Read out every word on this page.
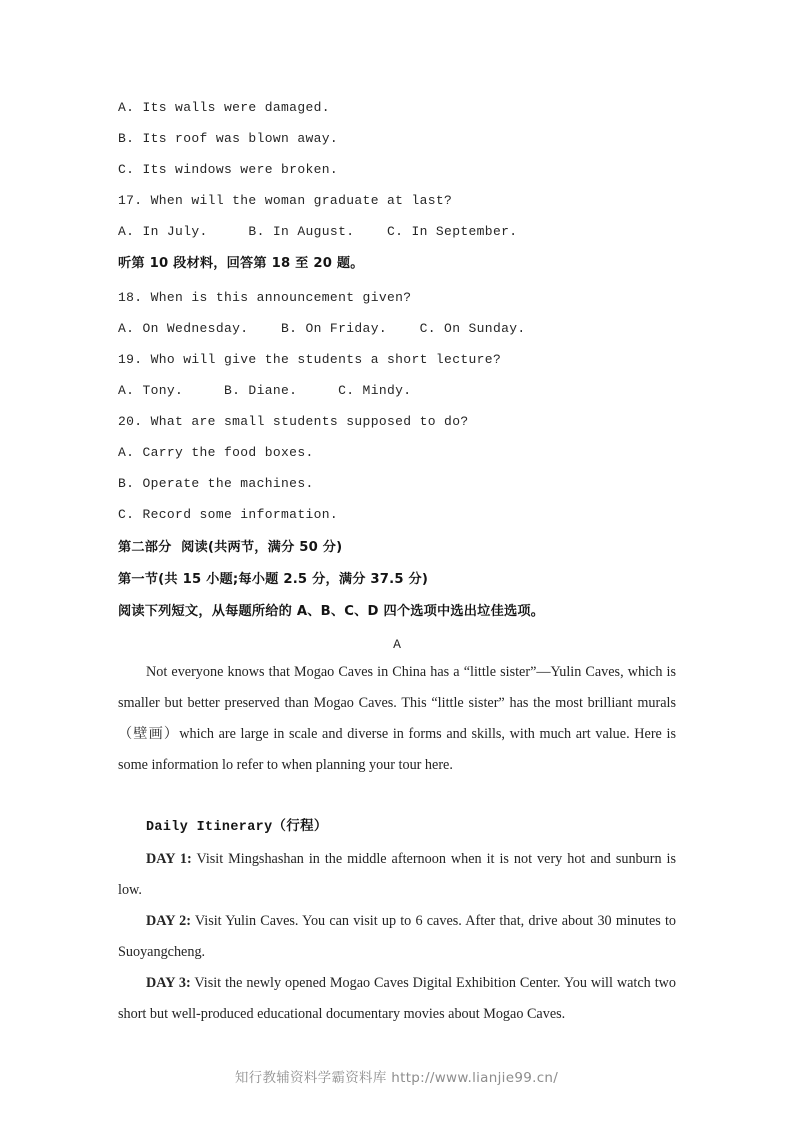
A. Its walls were damaged.
B. Its roof was blown away.
C. Its windows were broken.
17. When will the woman graduate at last?
A. In July.     B. In August.    C. In September.
听第 10 段材料，回答第 18 至 20 题。
18. When is this announcement given?
A. On Wednesday.    B. On Friday.    C. On Sunday.
19. Who will give the students a short lecture?
A. Tony.     B. Diane.     C. Mindy.
20. What are small students supposed to do?
A. Carry the food boxes.
B. Operate the machines.
C. Record some information.
第二部分  阅读(共两节，满分 50 分)
第一节(共 15 小题;每小题 2.5 分，满分 37.5 分)
阅读下列短文，从每题所给的 A、B、C、D 四个选项中选出垃佳选项。
A

Not everyone knows that Mogao Caves in China has a “little sister”—Yulin Caves, which is smaller but better preserved than Mogao Caves. This “little sister” has the most brilliant murals（壁画）which are large in scale and diverse in forms and skills, with much art value. Here is some information lo refer to when planning your tour here.

Daily Itinerary（行程）

DAY 1: Visit Mingshashan in the middle afternoon when it is not very hot and sunburn is low.

DAY 2: Visit Yulin Caves. You can visit up to 6 caves. After that, drive about 30 minutes to Suoyangcheng.

DAY 3: Visit the newly opened Mogao Caves Digital Exhibition Center. You will watch two short but well-produced educational documentary movies about Mogao Caves.

知行教辅资料学霸资料库 http://www.lianjie99.cn/
